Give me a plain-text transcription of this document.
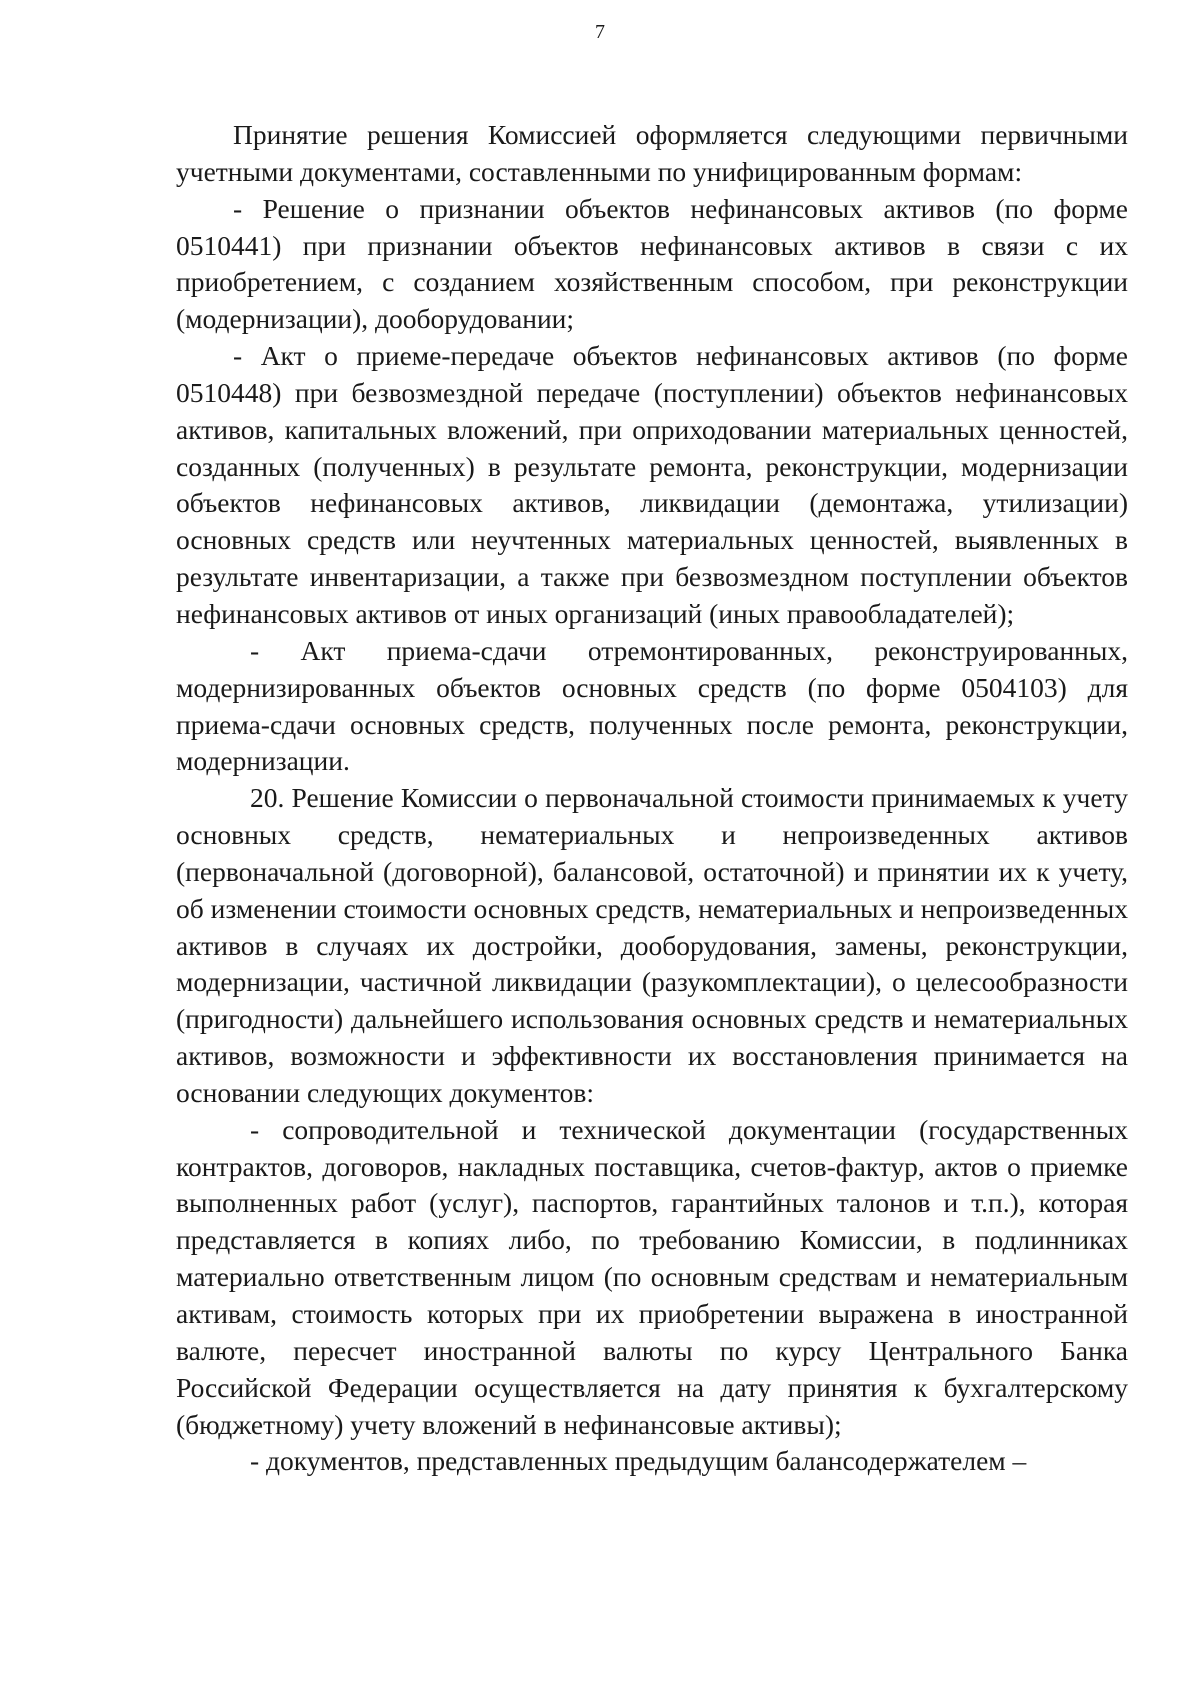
7

Принятие решения Комиссией оформляется следующими первичными учетными документами, составленными по унифицированным формам:

- Решение о признании объектов нефинансовых активов (по форме 0510441) при признании объектов нефинансовых активов в связи с их приобретением, с созданием хозяйственным способом, при реконструкции (модернизации), дооборудовании;

- Акт о приеме-передаче объектов нефинансовых активов (по форме 0510448) при безвозмездной передаче (поступлении) объектов нефинансовых активов, капитальных вложений, при оприходовании материальных ценностей, созданных (полученных) в результате ремонта, реконструкции, модернизации объектов нефинансовых активов, ликвидации (демонтажа, утилизации) основных средств или неучтенных материальных ценностей, выявленных в результате инвентаризации, а также при безвозмездном поступлении объектов нефинансовых активов от иных организаций (иных правообладателей);

- Акт приема-сдачи отремонтированных, реконструированных, модернизированных объектов основных средств (по форме 0504103) для приема-сдачи основных средств, полученных после ремонта, реконструкции, модернизации.

20. Решение Комиссии о первоначальной стоимости принимаемых к учету основных средств, нематериальных и непроизведенных активов (первоначальной (договорной), балансовой, остаточной) и принятии их к учету, об изменении стоимости основных средств, нематериальных и непроизведенных активов в случаях их достройки, дооборудования, замены, реконструкции, модернизации, частичной ликвидации (разукомплектации), о целесообразности (пригодности) дальнейшего использования основных средств и нематериальных активов, возможности и эффективности их восстановления принимается на основании следующих документов:

- сопроводительной и технической документации (государственных контрактов, договоров, накладных поставщика, счетов-фактур, актов о приемке выполненных работ (услуг), паспортов, гарантийных талонов и т.п.), которая представляется в копиях либо, по требованию Комиссии, в подлинниках материально ответственным лицом (по основным средствам и нематериальным активам, стоимость которых при их приобретении выражена в иностранной валюте, пересчет иностранной валюты по курсу Центрального Банка Российской Федерации осуществляется на дату принятия к бухгалтерскому (бюджетному) учету вложений в нефинансовые активы);

- документов, представленных предыдущим балансодержателем –
